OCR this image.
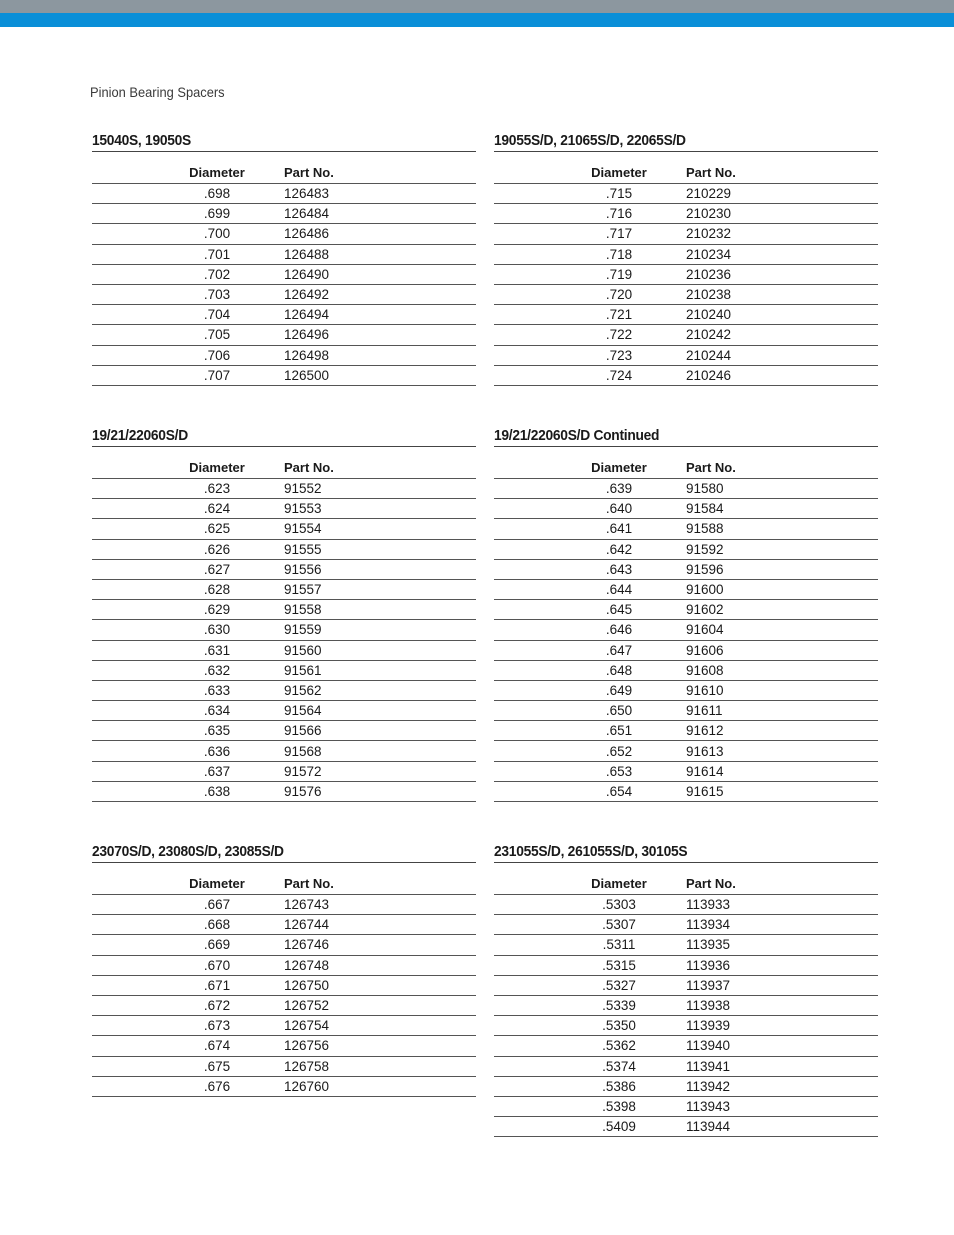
Pinion Bearing Spacers
15040S, 19050S
	Diameter	Part No.	
	.698	126483	
	.699	126484	
	.700	126486	
	.701	126488	
	.702	126490	
	.703	126492	
	.704	126494	
	.705	126496	
	.706	126498	
	.707	126500	
19055S/D, 21065S/D, 22065S/D
	Diameter	Part No.	
	.715	210229	
	.716	210230	
	.717	210232	
	.718	210234	
	.719	210236	
	.720	210238	
	.721	210240	
	.722	210242	
	.723	210244	
	.724	210246	
19/21/22060S/D
	Diameter	Part No.	
	.623	91552	
	.624	91553	
	.625	91554	
	.626	91555	
	.627	91556	
	.628	91557	
	.629	91558	
	.630	91559	
	.631	91560	
	.632	91561	
	.633	91562	
	.634	91564	
	.635	91566	
	.636	91568	
	.637	91572	
	.638	91576	
19/21/22060S/D Continued
	Diameter	Part No.	
	.639	91580	
	.640	91584	
	.641	91588	
	.642	91592	
	.643	91596	
	.644	91600	
	.645	91602	
	.646	91604	
	.647	91606	
	.648	91608	
	.649	91610	
	.650	91611	
	.651	91612	
	.652	91613	
	.653	91614	
	.654	91615	
23070S/D, 23080S/D, 23085S/D
	Diameter	Part No.	
	.667	126743	
	.668	126744	
	.669	126746	
	.670	126748	
	.671	126750	
	.672	126752	
	.673	126754	
	.674	126756	
	.675	126758	
	.676	126760	
231055S/D, 261055S/D, 30105S
	Diameter	Part No.	
	.5303	113933	
	.5307	113934	
	.5311	113935	
	.5315	113936	
	.5327	113937	
	.5339	113938	
	.5350	113939	
	.5362	113940	
	.5374	113941	
	.5386	113942	
	.5398	113943	
	.5409	113944	
